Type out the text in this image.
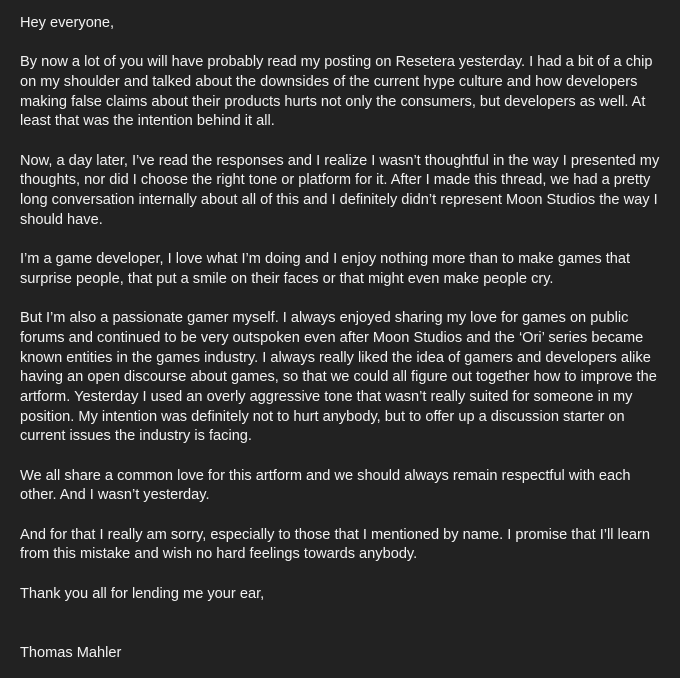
Hey everyone,

By now a lot of you will have probably read my posting on Resetera yesterday. I had a bit of a chip on my shoulder and talked about the downsides of the current hype culture and how developers making false claims about their products hurts not only the consumers, but developers as well. At least that was the intention behind it all.

Now, a day later, I’ve read the responses and I realize I wasn’t thoughtful in the way I presented my thoughts, nor did I choose the right tone or platform for it. After I made this thread, we had a pretty long conversation internally about all of this and I definitely didn’t represent Moon Studios the way I should have.

I’m a game developer, I love what I’m doing and I enjoy nothing more than to make games that surprise people, that put a smile on their faces or that might even make people cry.

But I’m also a passionate gamer myself. I always enjoyed sharing my love for games on public forums and continued to be very outspoken even after Moon Studios and the ‘Ori’ series became known entities in the games industry. I always really liked the idea of gamers and developers alike having an open discourse about games, so that we could all figure out together how to improve the artform. Yesterday I used an overly aggressive tone that wasn’t really suited for someone in my position. My intention was definitely not to hurt anybody, but to offer up a discussion starter on current issues the industry is facing.

We all share a common love for this artform and we should always remain respectful with each other. And I wasn’t yesterday.

And for that I really am sorry, especially to those that I mentioned by name. I promise that I’ll learn from this mistake and wish no hard feelings towards anybody.

Thank you all for lending me your ear,

Thomas Mahler
